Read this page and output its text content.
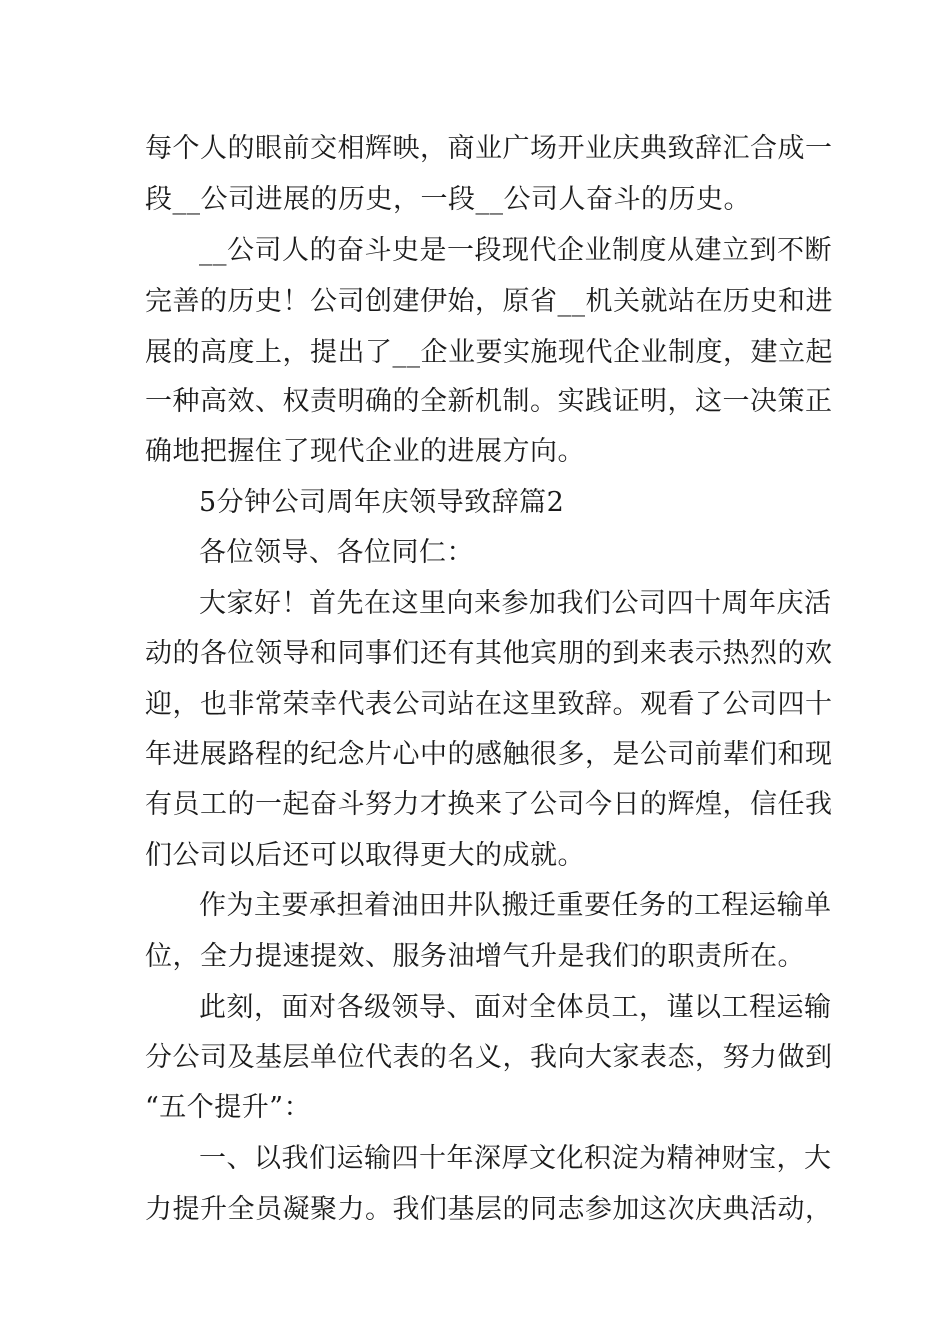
每个人的眼前交相辉映，商业广场开业庆典致辞汇合成一
段__公司进展的历史，一段__公司人奋斗的历史。
__公司人的奋斗史是一段现代企业制度从建立到不断
完善的历史！公司创建伊始，原省__机关就站在历史和进
展的高度上，提出了__企业要实施现代企业制度，建立起
一种高效、权责明确的全新机制。实践证明，这一决策正
确地把握住了现代企业的进展方向。
5分钟公司周年庆领导致辞篇2
各位领导、各位同仁：
大家好！首先在这里向来参加我们公司四十周年庆活
动的各位领导和同事们还有其他宾朋的到来表示热烈的欢
迎，也非常荣幸代表公司站在这里致辞。观看了公司四十
年进展路程的纪念片心中的感触很多，是公司前辈们和现
有员工的一起奋斗努力才换来了公司今日的辉煌，信任我
们公司以后还可以取得更大的成就。
作为主要承担着油田井队搬迁重要任务的工程运输单
位，全力提速提效、服务油增气升是我们的职责所在。
此刻，面对各级领导、面对全体员工，谨以工程运输
分公司及基层单位代表的名义，我向大家表态，努力做到
“五个提升”：
一、以我们运输四十年深厚文化积淀为精神财宝，大
力提升全员凝聚力。我们基层的同志参加这次庆典活动，
